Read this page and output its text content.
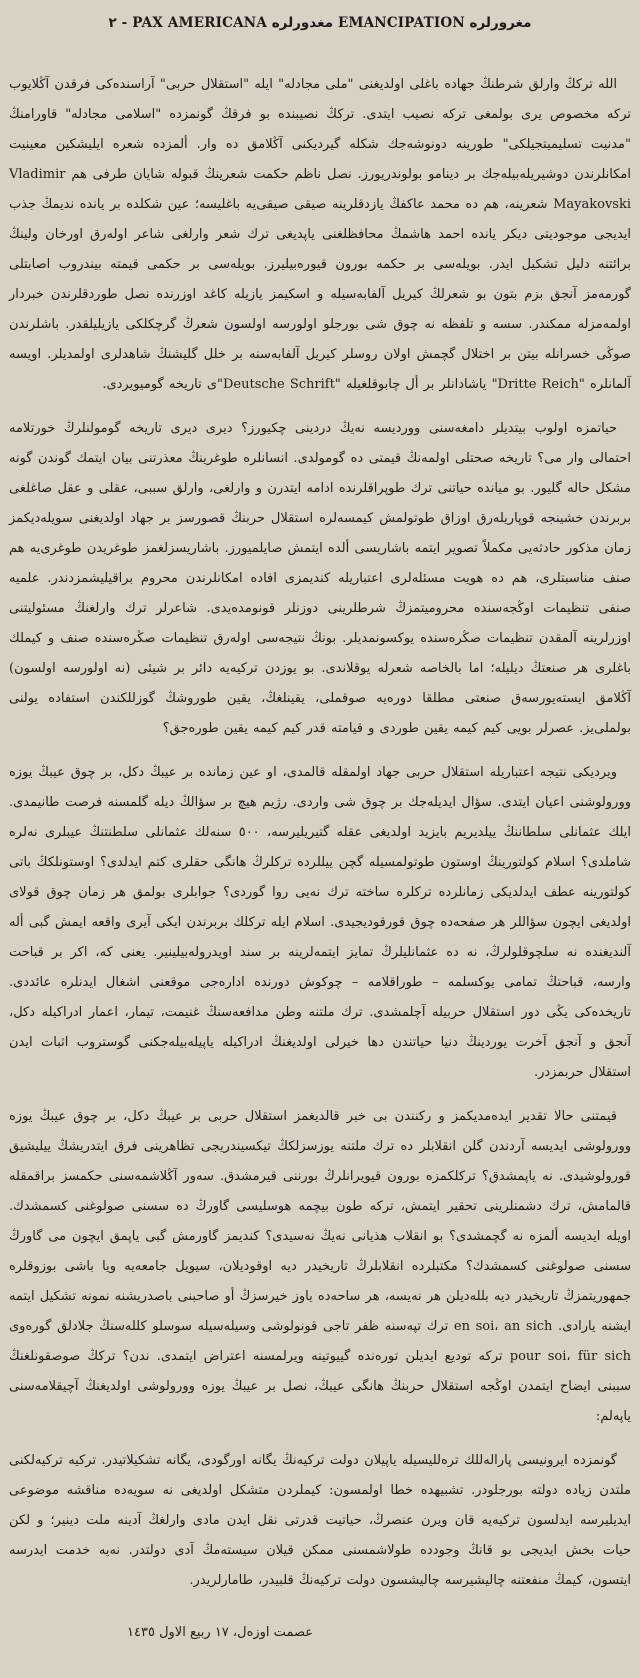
مغرورلره EMANCIPATION مغدورلره PAX AMERICANA - ٢

الله تركڭ وارلق شرطنڭ جهاده باغلى اولديغنى "ملى مجادله" ايله "استقلال حربى" آراسنده‌كى فرقدن آڭلايوب تركه مخصوص يرى بولمغى تركه نصيب ايتدى. تركڭ نصيبنده بو فرقڭ گونمزده "اسلامى مجادله" قاورامنڭ "مدنيت تسليميتجيلكى" طورينه دونوشه‌جك شكله گيرديكنى آڭلامق ده وار. ألمزده شعره ايليشكين معينيت امكانلرندن دوشيريله‌بيله‌جك بر دينامو بولوندريورز. نصل ناظم حكمت شعرينڭ قبوله شايان طرفى هم Vladimir Mayakovski شعرينه، هم ده محمد عاكفڭ يازدقلرينه صيقى صيقى‌يه باغليسه؛ عين شكلده بر يانده نديمڭ جذب ايديجى موجوديتى ديكر يانده احمد هاشمڭ محافظلغنى ياپديغى ترك شعر وارلغى شاعر اوله‌رق اورخان ولينڭ برائتنه دليل تشكيل ايدر. بويله‌سى بر حكمه بورون قيوره‌بيليرز. بويله‌سى بر حكمى قيمته بيندروب اصابتلى گورمه‌مز آنجق بزم بتون بو شعرلڭ كيريل آلفابه‌سيله و اسكيمز يازيله كاغد اوزرنده نصل طوردقلرندن خبردار اولمه‌مزله ممكندر. سسه و تلفظه نه چوق شى بورجلو اولورسه اولسون شعرڭ گرچكلكى يازيليلقدر. باشلرندن صوڭى خسرانله بيتن بر اختلال گچمش اولان روسلر كيريل آلفابه‌سنه بر خلل گليشنڭ شاهدلرى اولمديلر. اويسه آلمانلره "Dritte Reich" ياشادانلر بر أل چابوقلغيله "Deutsche Schrift"ى تاريخه گوميويردى.

حياتمزه اولوب بيتديلر دامغه‌سنى وورديسه نه‌يڭ دردينى چكيورز؟ ديرى ديرى تاريخه گومولنلرڭ خورتلامه احتمالى وار مى؟ تاريخه صحتلى اولمه‌نڭ قيمتى ده گومولدى. انسانلره طوغرينڭ معذرتنى بيان ايتمك گوندن گونه مشكل حاله گليور. بو ميانده حياتنى ترك طوپراقلرنده ادامه ايتدرن و وارلغى، وارلق سببى، عقلى و عقل صاغلغى بربرندن خشينجه قوپاريله‌رق اوزاق طوتولمش كيمسه‌لره استقلال حربنڭ قصورسز بر جهاد اولديغنى سويله‌ديكمز زمان مذكور حادثه‌يى مكملاً تصوير ايتمه باشاريسى ألده ايتمش صايلميورز. باشاريسزلغمز طوغريدن طوغرى‌يه هم صنف مناسبتلرى، هم ده هويت مسئله‌لرى اعتباريله كنديمزى افاده امكانلرندن محروم براقيليشمزدندر. علميه صنفى تنظيمات اوڭجه‌سنده محروميتمزڭ شرطلرينى دوزنلر قونومده‌يدى. شاعرلر ترك وارلغنڭ مسئوليتنى اوزرلرينه آلمقدن تنظيمات صڭره‌سنده يوكسونمديلر. بونڭ نتيجه‌سى اوله‌رق تنظيمات صڭره‌سنده صنف و كيملك باغلرى هر صنعتڭ ديليله؛ اما بالخاصه شعرله يوقلاندى. بو يوزدن تركيه‌يه دائر بر شيئى (نه اولورسه اولسون) آڭلامق ايسته‌يورسه‌ق صنعتى مطلقا دوره‌يه صوقملى، يقينلغڭ، يقين طوروشڭ گوزللكندن استفاده يولنى بولملى‌يز. عصرلر بويى كيم كيمه يقين طوردى و قيامته قدر كيم كيمه يقين طوره‌جق؟

ويرديكى نتيجه اعتباريله استقلال حربى جهاد اولمقله قالمدى، او عين زمانده بر عيبڭ دكل، بر چوق عيبڭ يوزه وورولوشنى اعيان ايتدى. سؤال ايديله‌جك بر چوق شى واردى. رژيم هيچ بر سؤالڭ ديله گلمسنه فرصت طانيمدى. ايلك عثمانلى سلطاننڭ ييلديريم بايزيد اولديغى عقله گتيريليرسه، ٥٠٠ سنه‌لك عثمانلى سلطنتنڭ عيبلرى نه‌لره شاملدى؟ اسلام كولتورينڭ اوستون طوتولمسيله گچن ييللرده تركلرڭ هانگى حقلرى كتم ايدلدى؟ اوستونلكڭ باتى كولتورينه عطف ايدلديكى زمانلرده تركلره ساخته ترك نه‌يى روا گوردى؟ جوابلرى بولمق هر زمان چوق قولاى اولديغى ايچون سؤاللر هر صفحه‌ده چوق قورقوديجيدى. اسلام ايله تركلك بربرندن ايكى آيرى واقعه ايمش گبى أله آلنديغنده نه سلچوقلولرڭ، نه ده عثمانليلرڭ تمايز ايتمه‌لرينه بر سند اويدروله‌بيلينير. يعنى كه، اكر بر قباحت وارسه، قباحتڭ تمامى يوكسلمه – طوراقلامه – چوكوش دورنده اداره‌جى موقعنى اشغال ايدنلره عائددى. تاريخده‌كى يڭى دور استقلال حربيله آچلمشدى. ترك ملتنه وطن مدافعه‌سنڭ غنيمت، تيمار، اعمار ادراكيله دكل، آنجق و آنجق آخرت يوردينڭ دنيا حياتندن دها خيرلى اولديغنڭ ادراكيله ياپيله‌بيله‌جكنى گوستروب اثبات ايدن استقلال حربمزدر.

قيمتنى حالا تقدير ايده‌مديكمز و ركنندن بى خبر قالديغمز استقلال حربى بر عيبڭ دكل، بر چوق عيبڭ يوزه وورولوشى ايديسه آردندن گلن انقلابلر ده ترك ملتنه يوزسزلكڭ تيكسيندريجى تظاهرينى فرق ايتدريشڭ ييليشيق قورولوشيدى. نه ياپمشدق؟ تركلكمزه بورون قيويرانلرڭ بورننى قيرمشدق. سه‌ور آڭلاشمه‌سنى حكمسز براقمقله قالمامش، ترك دشمنلرينى تحقير ايتمش، تركه طون بيچمه هوسليسى گاورڭ ده سسنى صولوغنى كسمشدك. اويله ايديسه ألمزه نه گچمشدى؟ بو انقلاب هذيانى نه‌يڭ نه‌سيدى؟ كنديمز گاورمش گبى ياپمق ايچون مى گاورڭ سسنى صولوغنى كسمشدك؟ مكتبلرده انقلابلرڭ تاريخيدر ديه اوقوديلان، سيويل جامعه‌يه ويا باشى بوزوقلره جمهوريتمزڭ تاريخيدر ديه بلله‌ديلن هر نه‌يسه، هر ساحه‌ده ياوز خيرسزڭ أو صاحبنى باصدريشنه نمونه تشكيل ايتمه ايشنه يارادى. en soi، an sich ترك تپه‌سنه ظفر تاجى قونولوشى وسيله‌سيله سوسلو كلله‌سنڭ جلادلق گوره‌وى pour soi، für sich تركه توديع ايديلن توره‌نده گييوتينه ويرلمسنه اعتراض ايتمدى. ندن؟ تركڭ صوصقونلغنڭ سببنى ايضاح ايتمدن اوڭجه استقلال حربنڭ هانگى عيبڭ، نصل بر عيبڭ يوزه وورولوشى اولديغنڭ آچيقلامه‌سنى ياپه‌لم:

گونمزده ايرونيسى پاراله‌للك تره‌لليسيله ياپيلان دولت تركيه‌نڭ يگانه اورگودى، يگانه تشكيلاتيدر. تركيه تركيه‌لكنى ملتدن زياده دولته بورجلودر. تشبيهده خطا اولمسون: كيملردن متشكل اولديغى نه سويه‌ده مناقشه موضوعى ايديليرسه ايدلسون تركيه‌يه قان ويرن عنصرڭ، حياتيت قدرتى نقل ايدن مادى وارلغڭ آدينه ملت دينير؛ و لكن حيات بخش ايديجى بو قانڭ وجودده طولاشمسنى ممكن قيلان سيسته‌مڭ آدى دولتدر. نه‌يه خدمت ايدرسه ايتسون، كيمڭ منفعتنه چاليشيرسه چاليشسون دولت تركيه‌نڭ قلبيدر، طامارلريدر.

عصمت اوزه‌ل، ١٧ ربيع الاول ١٤٣٥
